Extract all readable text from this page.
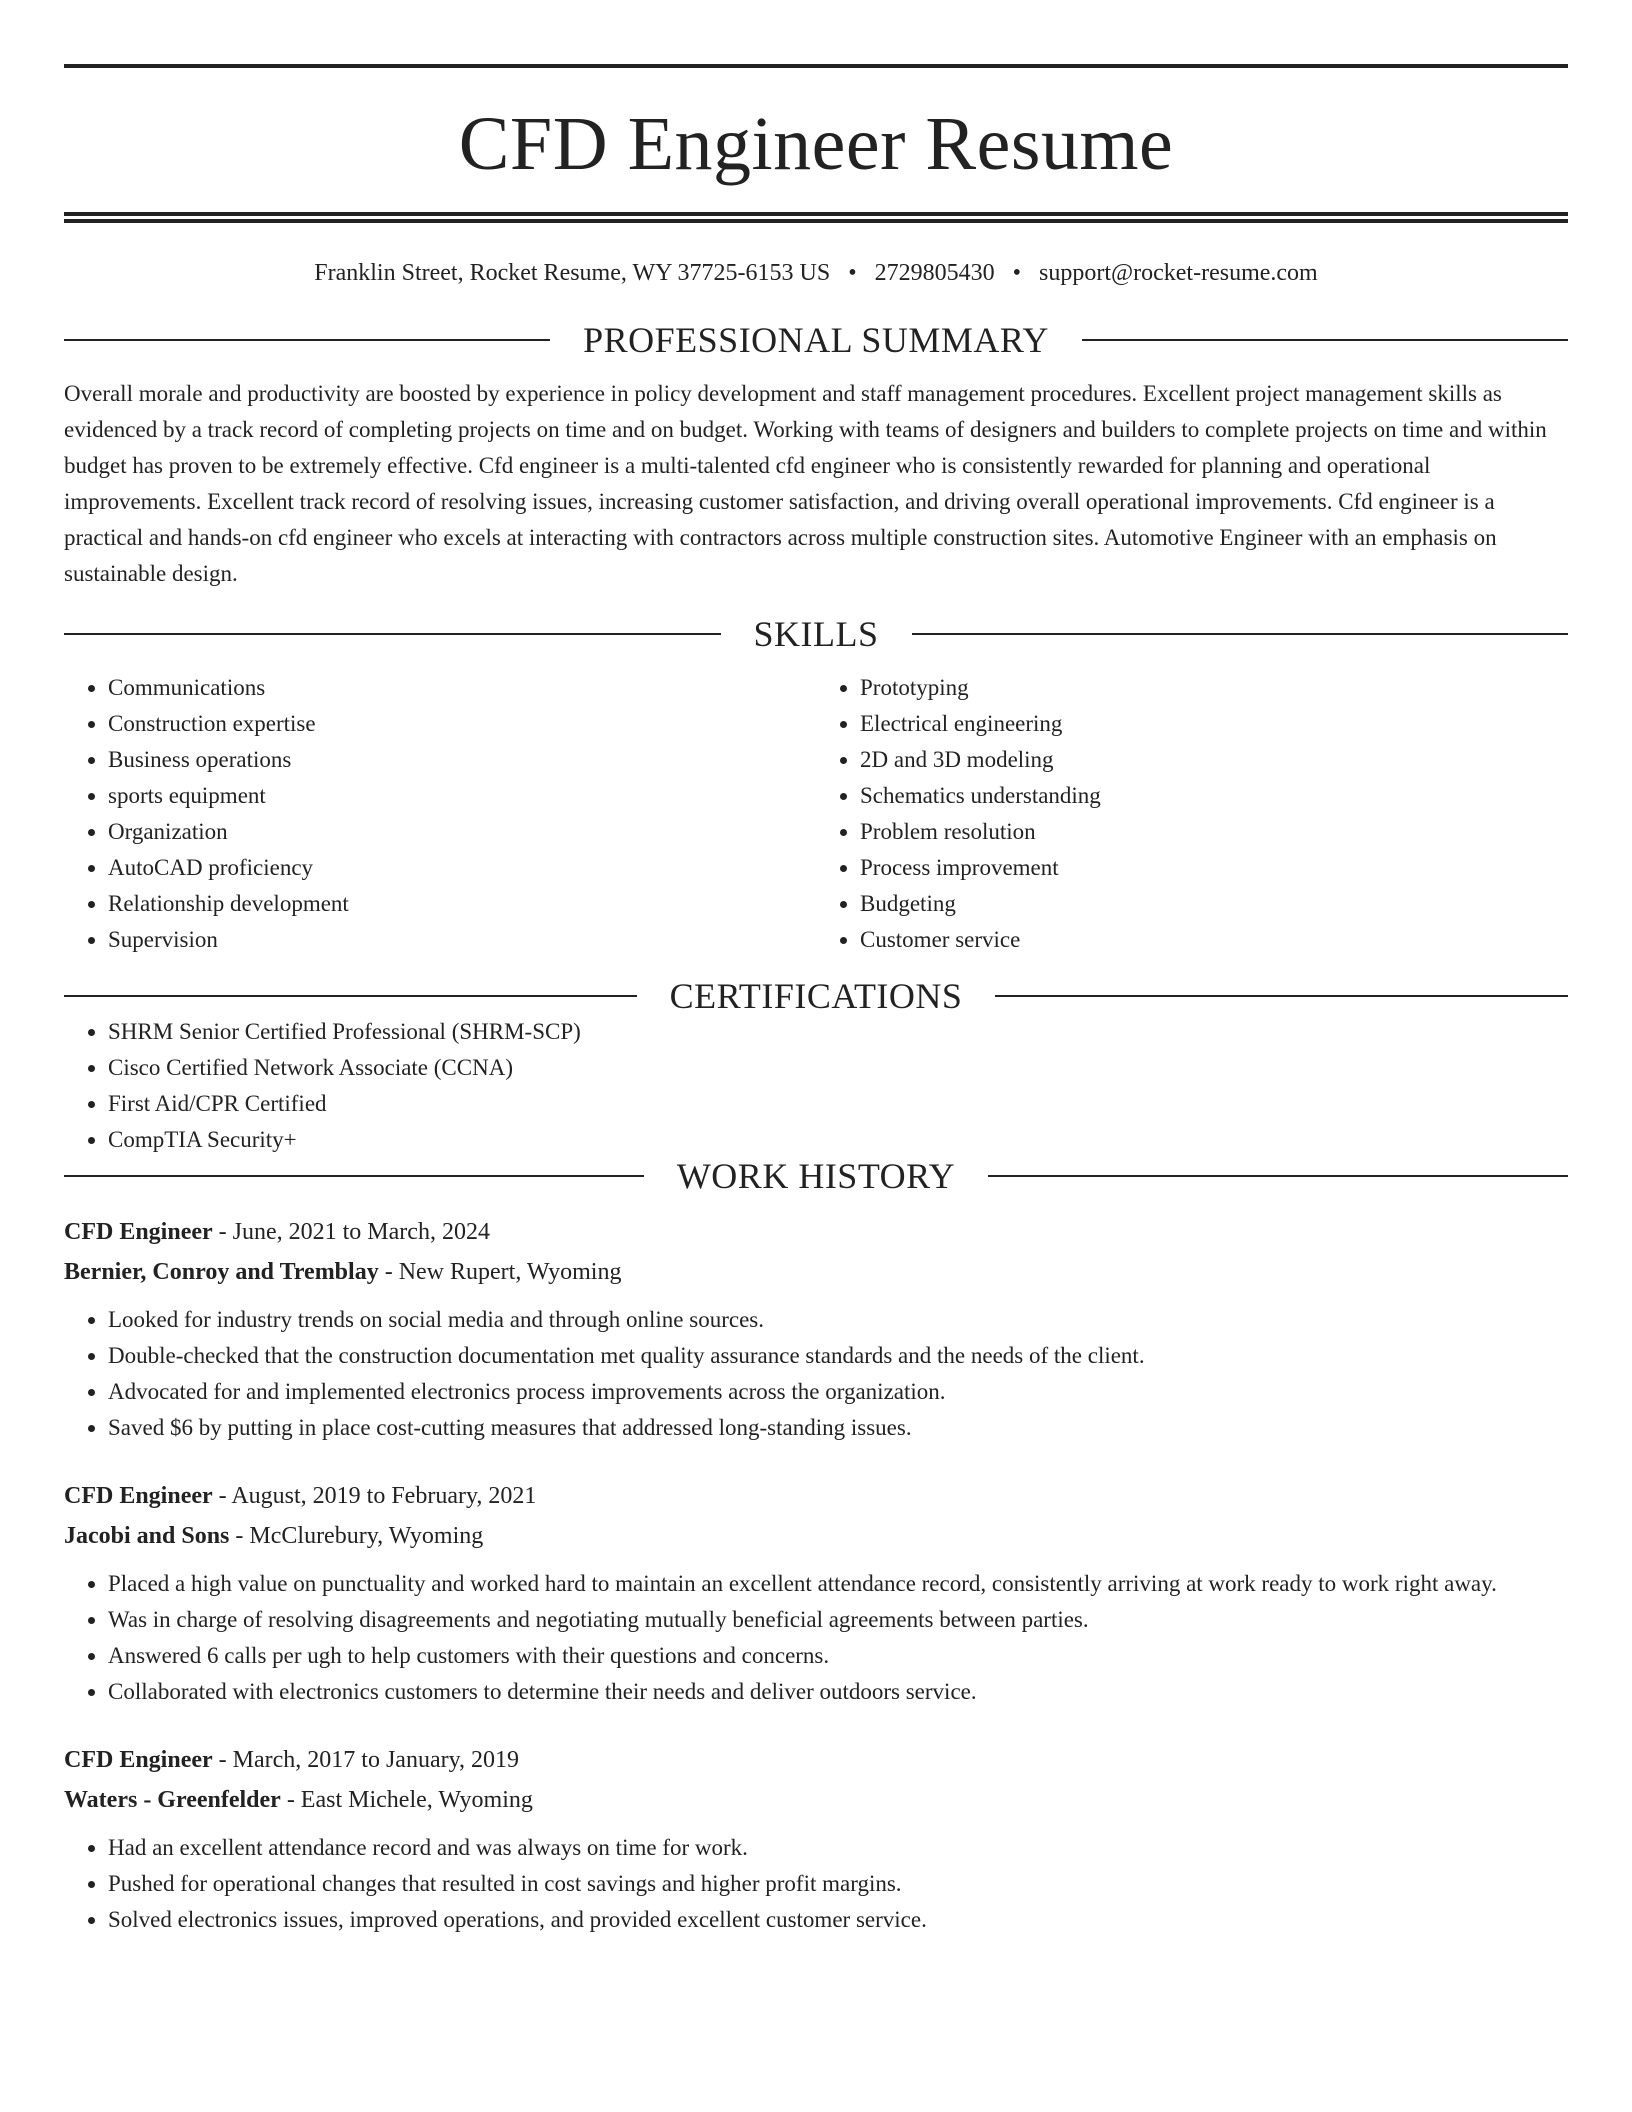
CFD Engineer Resume
Franklin Street, Rocket Resume, WY 37725-6153 US • 2729805430 • support@rocket-resume.com
PROFESSIONAL SUMMARY

Overall morale and productivity are boosted by experience in policy development and staff management procedures. Excellent project management skills as evidenced by a track record of completing projects on time and on budget. Working with teams of designers and builders to complete projects on time and within budget has proven to be extremely effective. Cfd engineer is a multi-talented cfd engineer who is consistently rewarded for planning and operational improvements. Excellent track record of resolving issues, increasing customer satisfaction, and driving overall operational improvements. Cfd engineer is a practical and hands-on cfd engineer who excels at interacting with contractors across multiple construction sites. Automotive Engineer with an emphasis on sustainable design.

SKILLS
• Communications
• Construction expertise
• Business operations
• sports equipment
• Organization
• AutoCAD proficiency
• Relationship development
• Supervision
• Prototyping
• Electrical engineering
• 2D and 3D modeling
• Schematics understanding
• Problem resolution
• Process improvement
• Budgeting
• Customer service
CERTIFICATIONS
• SHRM Senior Certified Professional (SHRM-SCP)
• Cisco Certified Network Associate (CCNA)
• First Aid/CPR Certified
• CompTIA Security+
WORK HISTORY
CFD Engineer - June, 2021 to March, 2024
Bernier, Conroy and Tremblay - New Rupert, Wyoming
• Looked for industry trends on social media and through online sources.
• Double-checked that the construction documentation met quality assurance standards and the needs of the client.
• Advocated for and implemented electronics process improvements across the organization.
• Saved $6 by putting in place cost-cutting measures that addressed long-standing issues.
CFD Engineer - August, 2019 to February, 2021
Jacobi and Sons - McClurebury, Wyoming
• Placed a high value on punctuality and worked hard to maintain an excellent attendance record, consistently arriving at work ready to work right away.
• Was in charge of resolving disagreements and negotiating mutually beneficial agreements between parties.
• Answered 6 calls per ugh to help customers with their questions and concerns.
• Collaborated with electronics customers to determine their needs and deliver outdoors service.
CFD Engineer - March, 2017 to January, 2019
Waters - Greenfelder - East Michele, Wyoming
• Had an excellent attendance record and was always on time for work.
• Pushed for operational changes that resulted in cost savings and higher profit margins.
• Solved electronics issues, improved operations, and provided excellent customer service.
